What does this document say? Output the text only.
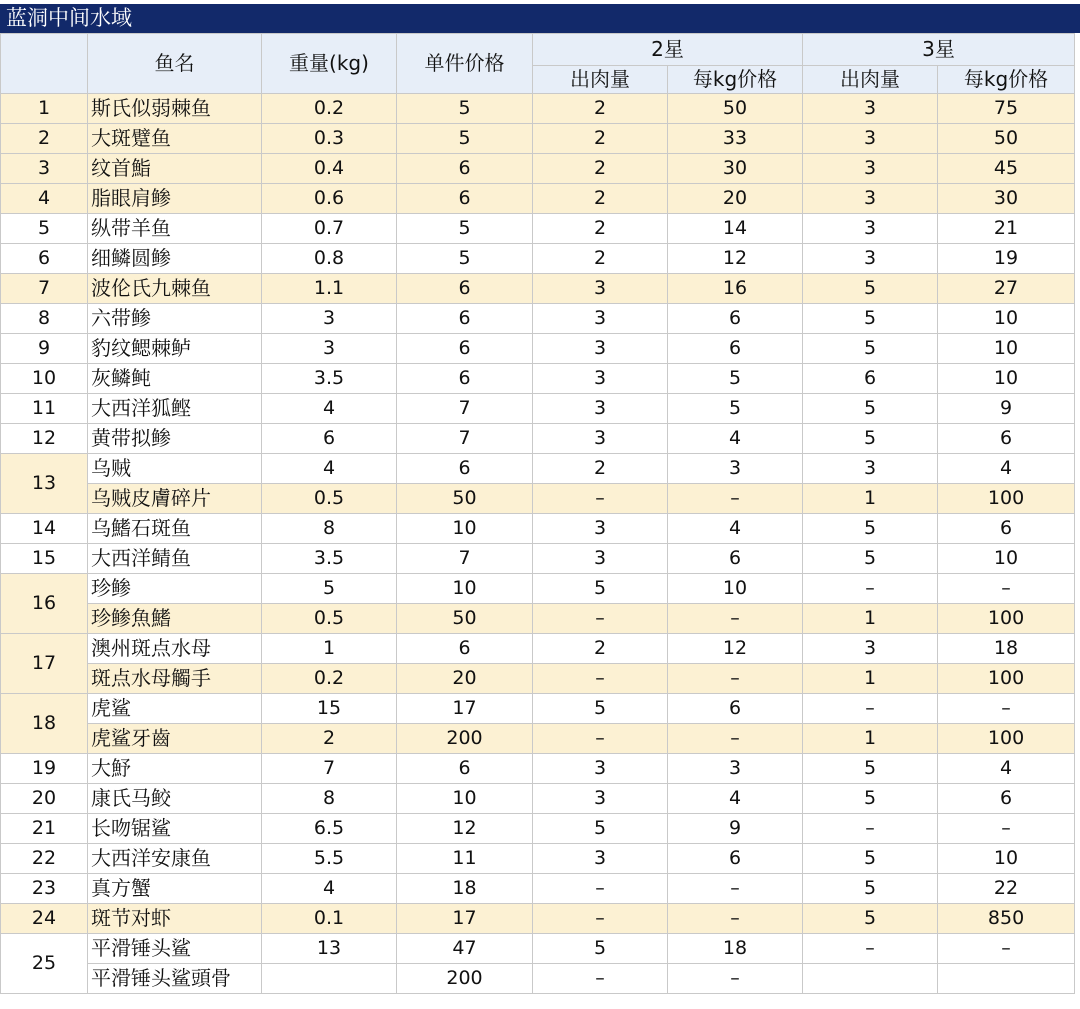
蓝洞中间水域
	鱼名	重量(kg)	单件价格	2星		3星	
				出肉量	每kg价格	出肉量	每kg价格
1	斯氏似弱棘鱼	0.2	5	2	50	3	75
2	大斑躄鱼	0.3	5	2	33	3	50
3	纹首鮨	0.4	6	2	30	3	45
4	脂眼肩鲹	0.6	6	2	20	3	30
5	纵带羊鱼	0.7	5	2	14	3	21
6	细鳞圆鲹	0.8	5	2	12	3	19
7	波伦氏九棘鱼	1.1	6	3	16	5	27
8	六带鲹	3	6	3	6	5	10
9	豹纹鳃棘鲈	3	6	3	6	5	10
10	灰鳞鲀	3.5	6	3	5	6	10
11	大西洋狐鲣	4	7	3	5	5	9
12	黄带拟鲹	6	7	3	4	5	6
13	乌贼	4	6	2	3	3	4
	乌贼皮膚碎片	0.5	50	–	–	1	100
14	乌鰭石斑鱼	8	10	3	4	5	6
15	大西洋鲭鱼	3.5	7	3	6	5	10
16	珍鲹	5	10	5	10	–	–
	珍鲹魚鰭	0.5	50	–	–	1	100
17	澳州斑点水母	1	6	2	12	3	18
	斑点水母觸手	0.2	20	–	–	1	100
18	虎鲨	15	17	5	6	–	–
	虎鲨牙齒	2	200	–	–	1	100
19	大魣	7	6	3	3	5	4
20	康氏马鲛	8	10	3	4	5	6
21	长吻锯鲨	6.5	12	5	9	–	–
22	大西洋安康鱼	5.5	11	3	6	5	10
23	真方蟹	4	18	–	–	5	22
24	斑节对虾	0.1	17	–	–	5	850
25	平滑锤头鲨	13	47	5	18	–	–
	平滑锤头鲨頭骨		200	–	–		
